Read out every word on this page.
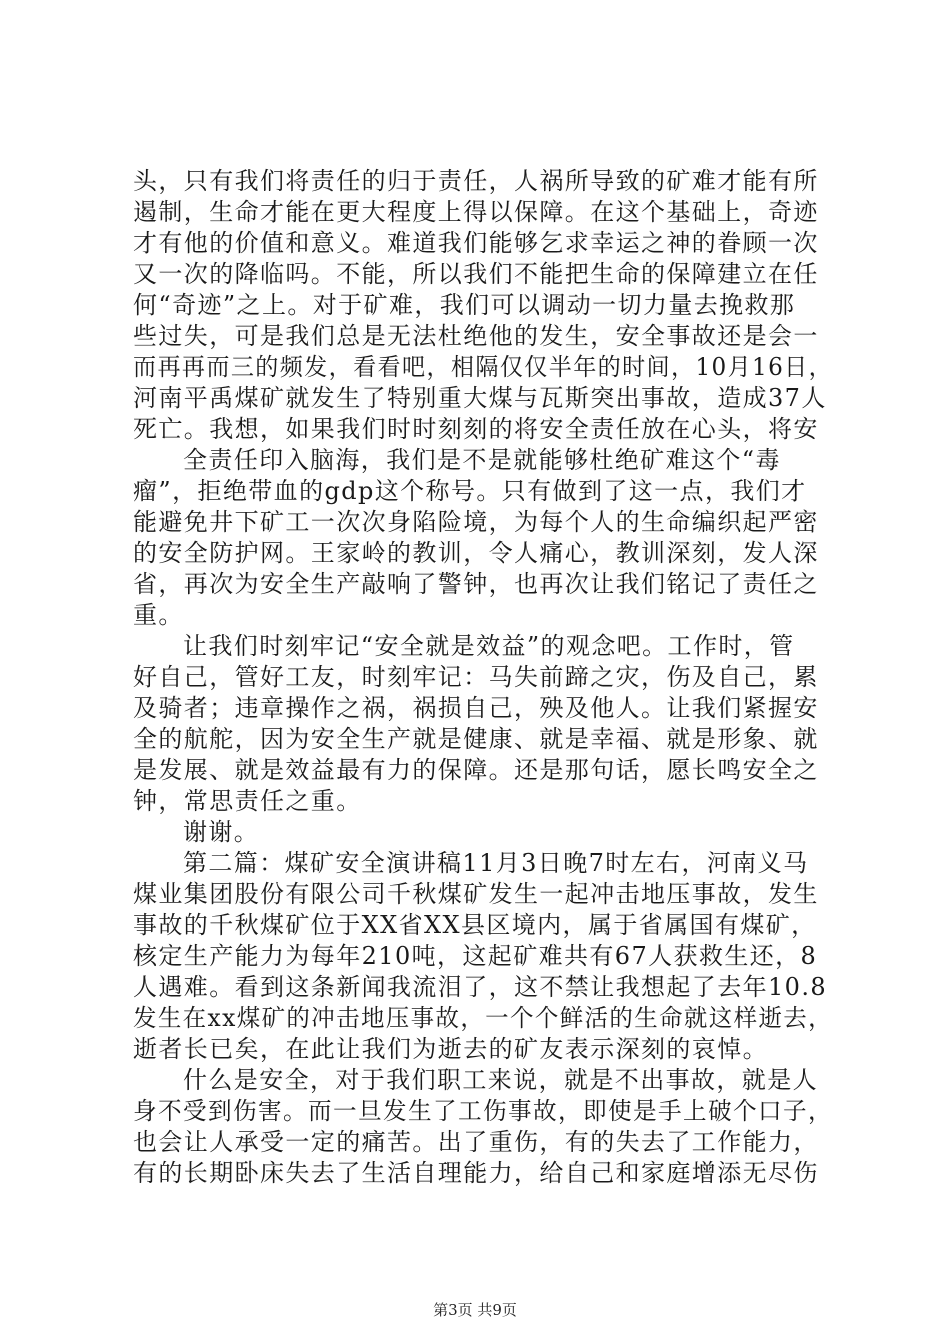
头，只有我们将责任的归于责任，人祸所导致的矿难才能有所
遏制，生命才能在更大程度上得以保障。在这个基础上，奇迹
才有他的价值和意义。难道我们能够乞求幸运之神的眷顾一次
又一次的降临吗。不能，所以我们不能把生命的保障建立在任
何“奇迹”之上。对于矿难，我们可以调动一切力量去挽救那
些过失，可是我们总是无法杜绝他的发生，安全事故还是会一
而再再而三的频发，看看吧，相隔仅仅半年的时间，10月16日，
河南平禹煤矿就发生了特别重大煤与瓦斯突出事故，造成37人
死亡。我想，如果我们时时刻刻的将安全责任放在心头，将安
全责任印入脑海，我们是不是就能够杜绝矿难这个“毒
瘤”，拒绝带血的gdp这个称号。只有做到了这一点，我们才
能避免井下矿工一次次身陷险境，为每个人的生命编织起严密
的安全防护网。王家岭的教训，令人痛心，教训深刻，发人深
省，再次为安全生产敲响了警钟，也再次让我们铭记了责任之
重。
让我们时刻牢记“安全就是效益”的观念吧。工作时，管
好自己，管好工友，时刻牢记：马失前蹄之灾，伤及自己，累
及骑者；违章操作之祸，祸损自己，殃及他人。让我们紧握安
全的航舵，因为安全生产就是健康、就是幸福、就是形象、就
是发展、就是效益最有力的保障。还是那句话，愿长鸣安全之
钟，常思责任之重。
谢谢。
第二篇：煤矿安全演讲稿11月3日晚7时左右，河南义马
煤业集团股份有限公司千秋煤矿发生一起冲击地压事故，发生
事故的千秋煤矿位于XX省XX县区境内，属于省属国有煤矿，
核定生产能力为每年210吨，这起矿难共有67人获救生还，8
人遇难。看到这条新闻我流泪了，这不禁让我想起了去年10.8
发生在xx煤矿的冲击地压事故，一个个鲜活的生命就这样逝去，
逝者长已矣，在此让我们为逝去的矿友表示深刻的哀悼。
什么是安全，对于我们职工来说，就是不出事故，就是人
身不受到伤害。而一旦发生了工伤事故，即使是手上破个口子，
也会让人承受一定的痛苦。出了重伤，有的失去了工作能力，
有的长期卧床失去了生活自理能力，给自己和家庭增添无尽伤
第3页 共9页
